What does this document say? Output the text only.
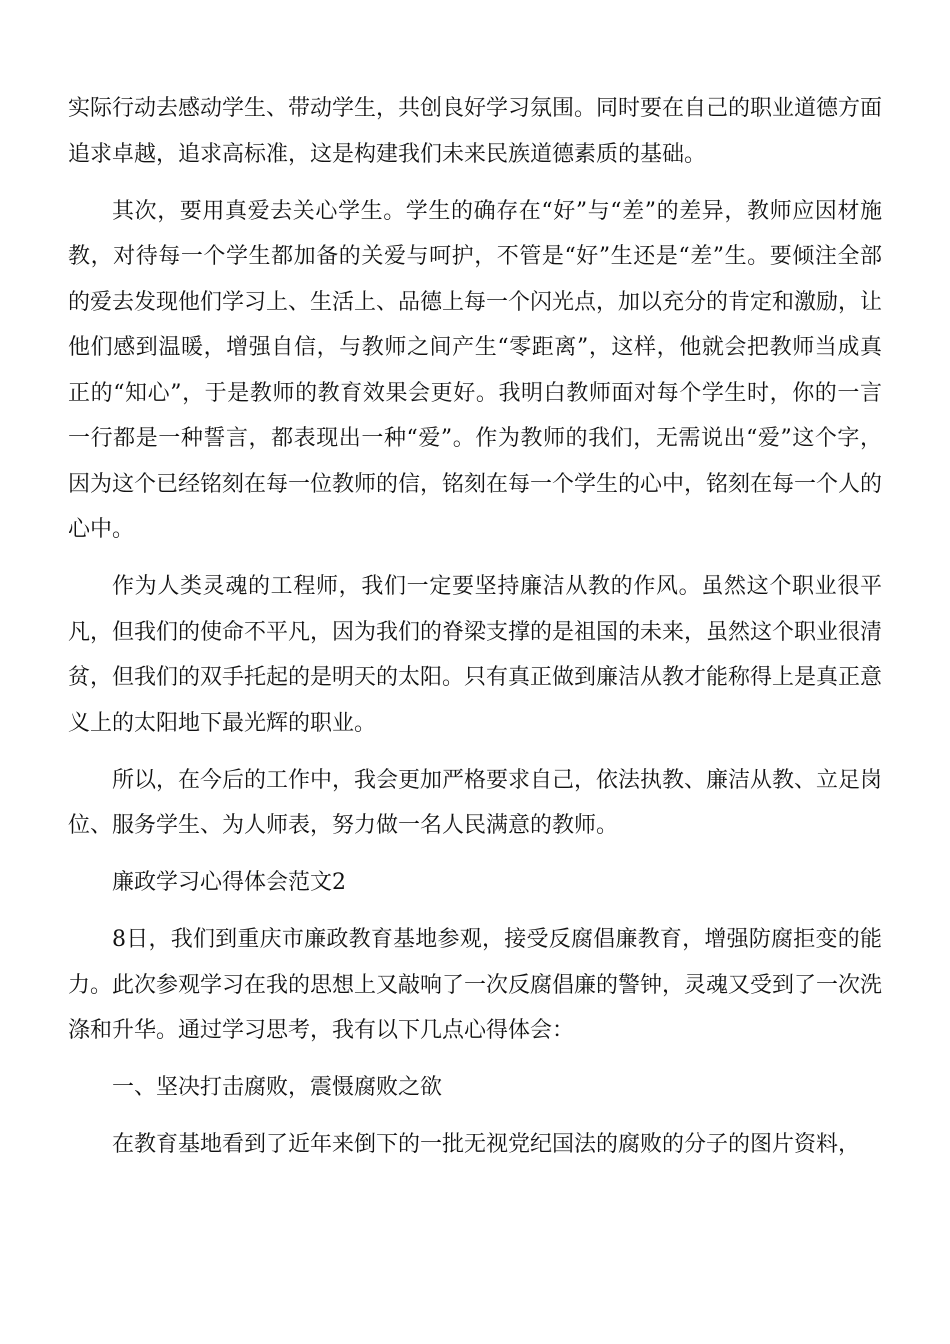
实际行动去感动学生、带动学生，共创良好学习氛围。同时要在自己的职业道德方面追求卓越，追求高标准，这是构建我们未来民族道德素质的基础。

其次，要用真爱去关心学生。学生的确存在“好”与“差”的差异，教师应因材施教，对待每一个学生都加备的关爱与呵护，不管是“好”生还是“差”生。要倾注全部的爱去发现他们学习上、生活上、品德上每一个闪光点，加以充分的肯定和激励，让他们感到温暖，增强自信，与教师之间产生“零距离”，这样，他就会把教师当成真正的“知心”，于是教师的教育效果会更好。我明白教师面对每个学生时，你的一言一行都是一种誓言，都表现出一种“爱”。作为教师的我们，无需说出“爱”这个字，因为这个已经铭刻在每一位教师的信，铭刻在每一个学生的心中，铭刻在每一个人的心中。

作为人类灵魂的工程师，我们一定要坚持廉洁从教的作风。虽然这个职业很平凡，但我们的使命不平凡，因为我们的脊梁支撑的是祖国的未来，虽然这个职业很清贫，但我们的双手托起的是明天的太阳。只有真正做到廉洁从教才能称得上是真正意义上的太阳地下最光辉的职业。

所以，在今后的工作中，我会更加严格要求自己，依法执教、廉洁从教、立足岗位、服务学生、为人师表，努力做一名人民满意的教师。

廉政学习心得体会范文2

8日，我们到重庆市廉政教育基地参观，接受反腐倡廉教育，增强防腐拒变的能力。此次参观学习在我的思想上又敲响了一次反腐倡廉的警钟，灵魂又受到了一次洗涤和升华。通过学习思考，我有以下几点心得体会：

一、坚决打击腐败，震慑腐败之欲

在教育基地看到了近年来倒下的一批无视党纪国法的腐败的分子的图片资料，
